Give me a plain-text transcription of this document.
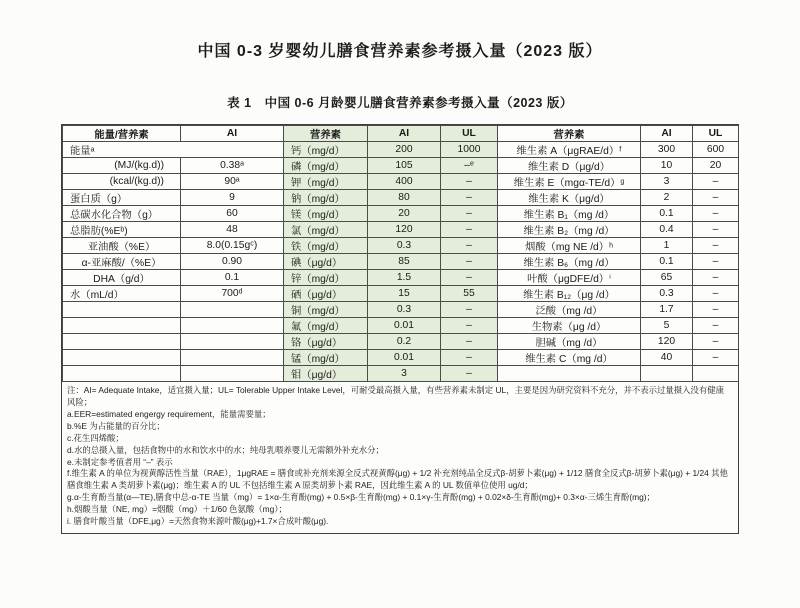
中国 0-3 岁婴幼儿膳食营养素参考摄入量（2023 版）
表 1　中国 0-6 月龄婴儿膳食营养素参考摄入量（2023 版）
能量/营养素	AI	营养素	AI	UL	营养素	AI	UL
能量ᵃ		钙（mg/d）	200	1000	维生素 A（μgRAE/d）ᶠ	300	600
(MJ/(kg.d))	0.38ᵃ	磷（mg/d）	105	–ᵉ	维生素 D（μg/d）	10	20
(kcal/(kg.d))	90ᵃ	钾（mg/d）	400	–	维生素 E（mgα-TE/d）ᵍ	3	–
蛋白质（g）	9	钠（mg/d）	80	–	维生素 K（μg/d）	2	–
总碳水化合物（g）	60	镁（mg/d）	20	–	维生素 B₁（mg /d）	0.1	–
总脂肪(%Eᵇ)	48	氯（mg/d）	120	–	维生素 B₂（mg /d）	0.4	–
亚油酸（%E）	8.0(0.15gᶜ)	铁（mg/d）	0.3	–	烟酸（mg NE /d）ʰ	1	–
α-亚麻酸/（%E）	0.90	碘（μg/d）	85	–	维生素 B₆（mg /d）	0.1	–
DHA（g/d）	0.1	锌（mg/d）	1.5	–	叶酸（μgDFE/d）ⁱ	65	–
水（mL/d）	700ᵈ	硒（μg/d）	15	55	维生素 B₁₂（μg /d）	0.3	–
		铜（mg/d）	0.3	–	泛酸（mg /d）	1.7	–
		氟（mg/d）	0.01	–	生物素（μg /d）	5	–
		铬（μg/d）	0.2	–	胆碱（mg /d）	120	–
		锰（mg/d）	0.01	–	维生素 C（mg /d）	40	–
		钼（μg/d）	3	–			
注：AI= Adequate Intake，适宜摄入量；UL= Tolerable Upper Intake Level，可耐受最高摄入量，有些营养素未制定 UL，主要是因为研究资料不充分，并不表示过量摄入没有健康风险；
a.EER=estimated engergy requirement，能量需要量；
b.%E 为占能量的百分比；
c.花生四烯酸；
d.水的总摄入量，包括食物中的水和饮水中的水；纯母乳喂养婴儿无需额外补充水分；
e.未制定参考值者用 “–” 表示
f.维生素 A 的单位为视黄醇活性当量（RAE），1μgRAE = 膳食或补充剂来源全反式视黄醇(μg) + 1/2 补充剂纯品全反式β-胡萝卜素(μg) + 1/12 膳食全反式β-胡萝卜素(μg) + 1/24 其他膳食维生素 A 类胡萝卜素(μg)；维生素 A 的 UL 不包括维生素 A 原类胡萝卜素 RAE，因此维生素 A 的 UL 数值单位使用 ug/d；
g.α-生育酚当量(α—TE),膳食中总-α-TE 当量（mg）= 1×α-生育酚(mg) + 0.5×β-生育酚(mg) + 0.1×γ-生育酚(mg) + 0.02×δ-生育酚(mg)+ 0.3×α-三烯生育酚(mg)；
h.烟酸当量（NE, mg）=烟酸（mg）＋1/60 色氨酸（mg）；
i. 膳食叶酸当量（DFE,μg）=天然食物来源叶酸(μg)+1.7×合成叶酸(μg).
